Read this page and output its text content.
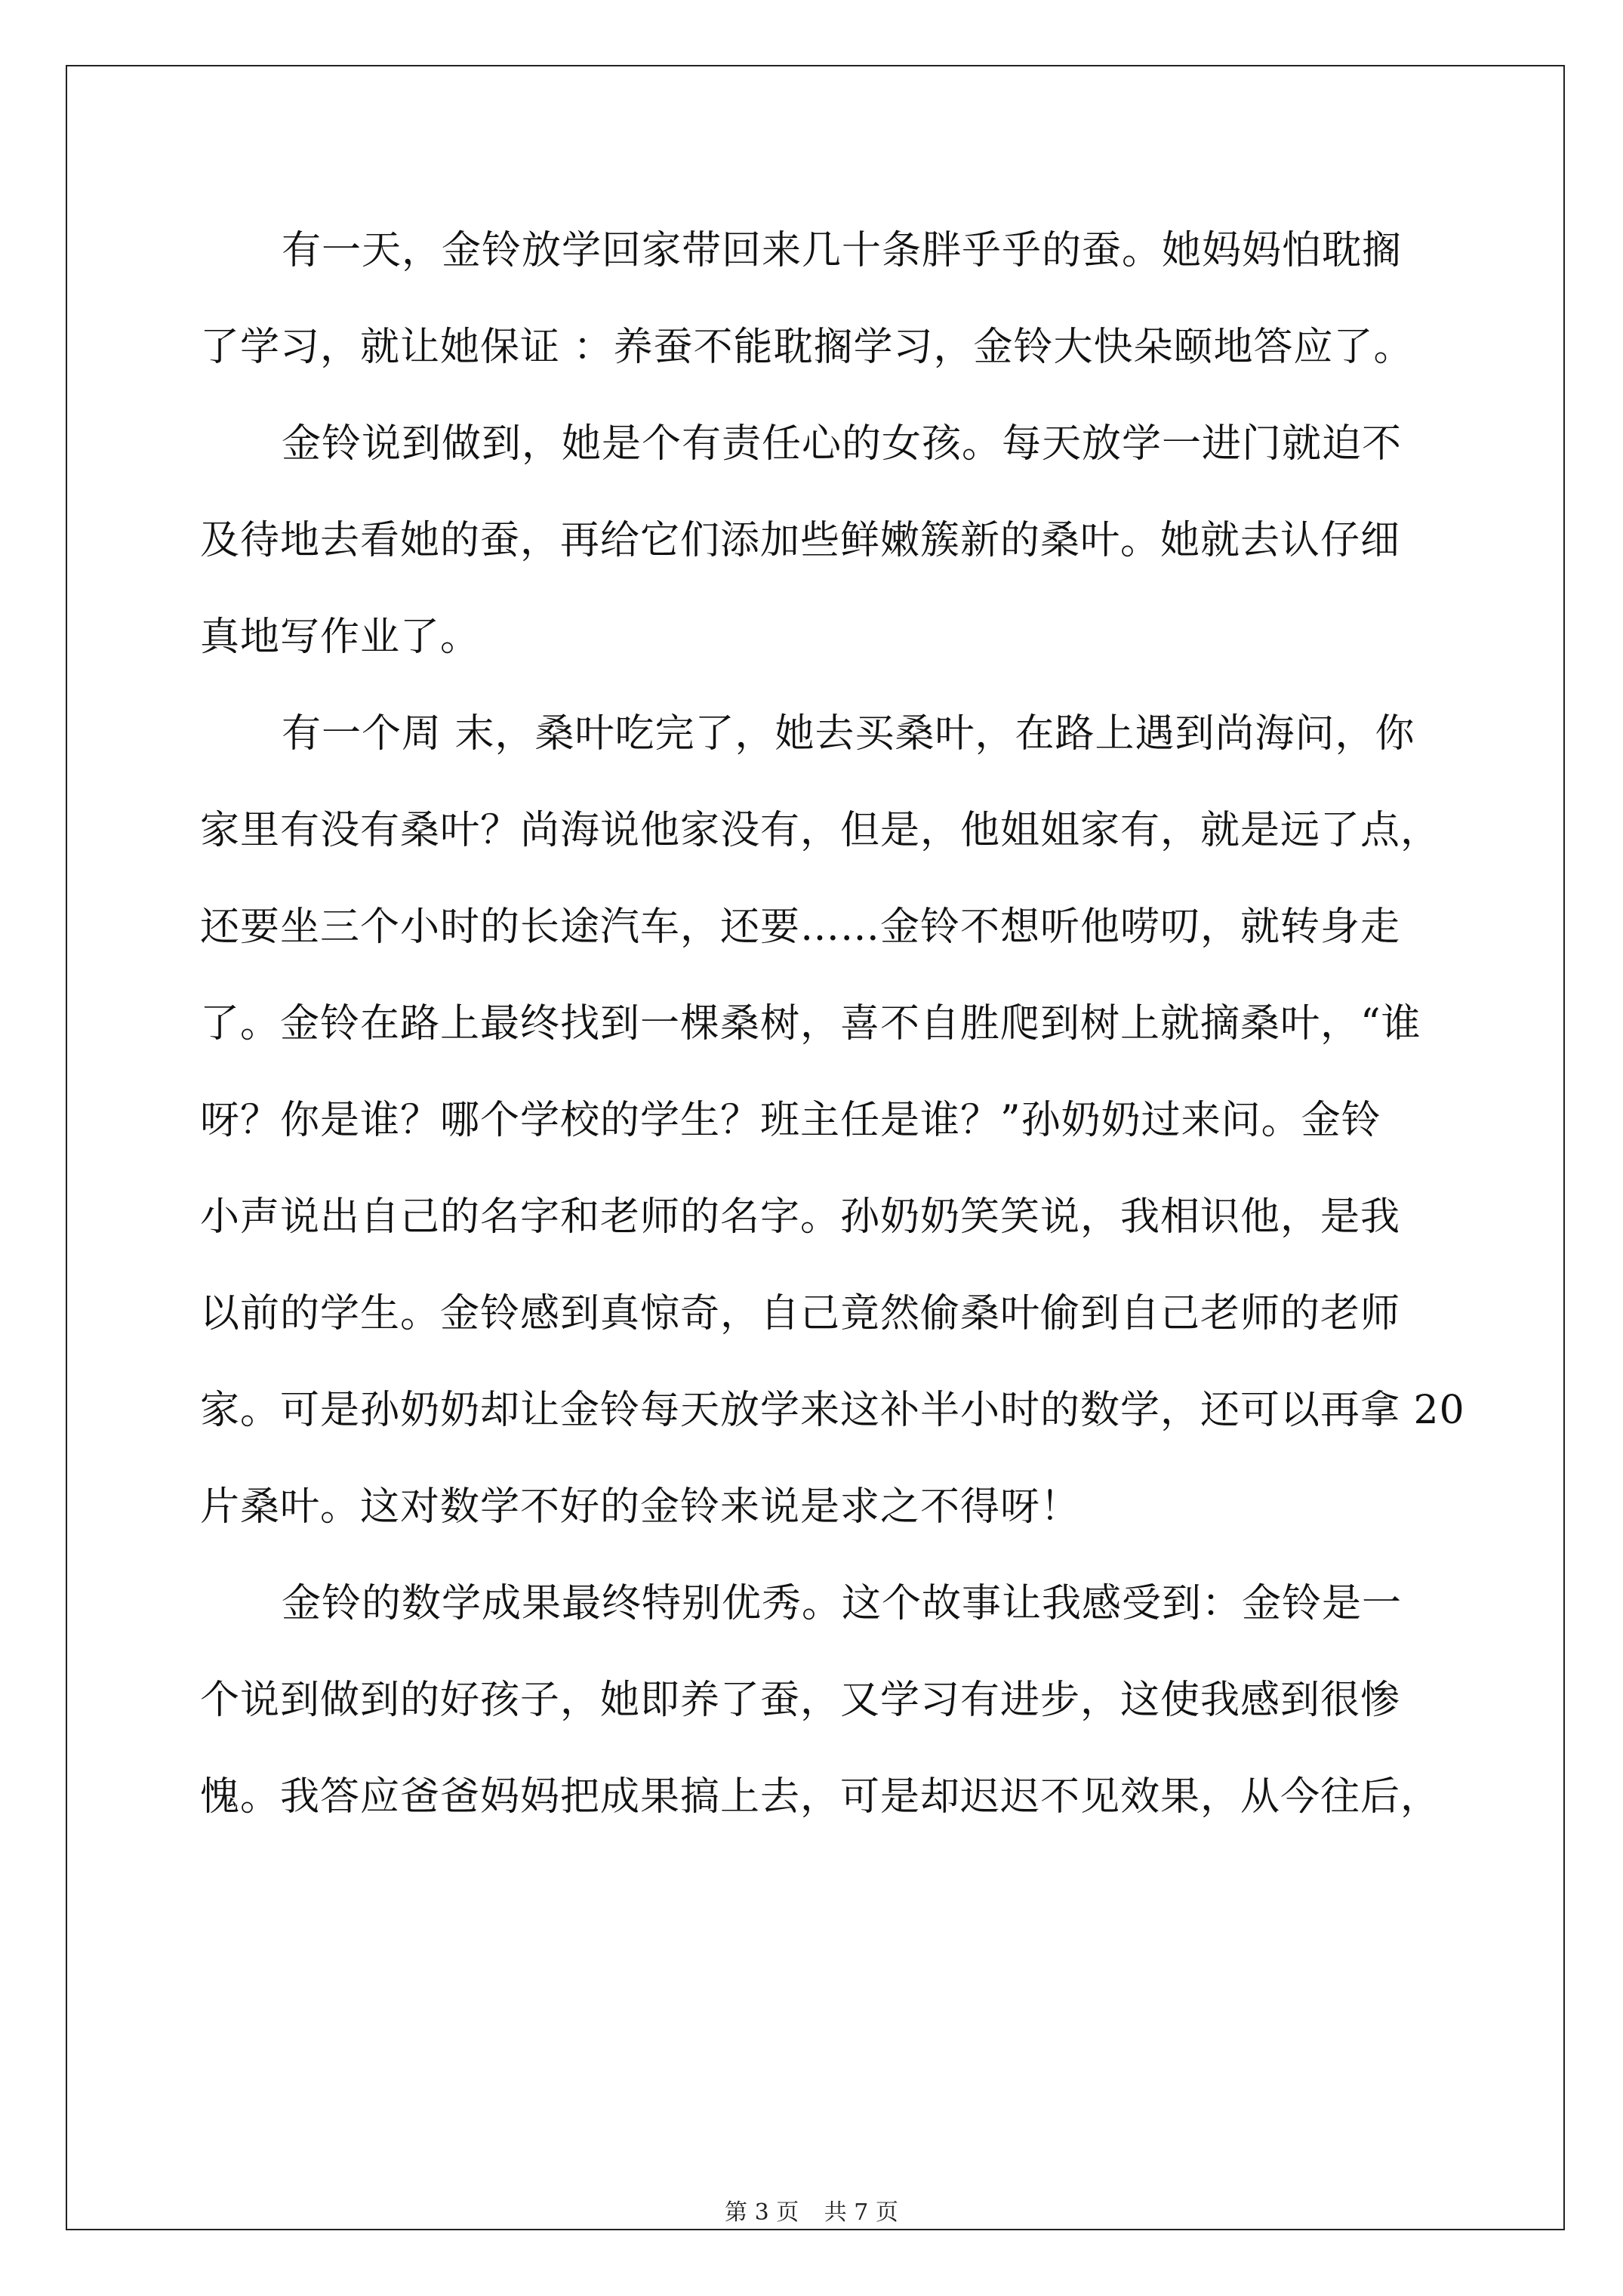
有一天，金铃放学回家带回来几十条胖乎乎的蚕。她妈妈怕耽搁
了学习，就让她保证 ：养蚕不能耽搁学习，金铃大快朵颐地答应了。
金铃说到做到，她是个有责任心的女孩。每天放学一进门就迫不
及待地去看她的蚕，再给它们添加些鲜嫩簇新的桑叶。她就去认仔细
真地写作业了。
有一个周 末，桑叶吃完了，她去买桑叶，在路上遇到尚海问，你
家里有没有桑叶？尚海说他家没有，但是，他姐姐家有，就是远了点，
还要坐三个小时的长途汽车，还要……金铃不想听他唠叨，就转身走
了。金铃在路上最终找到一棵桑树，喜不自胜爬到树上就摘桑叶，“谁
呀？你是谁？哪个学校的学生？班主任是谁？”孙奶奶过来问。金铃
小声说出自己的名字和老师的名字。孙奶奶笑笑说，我相识他，是我
以前的学生。金铃感到真惊奇，自己竟然偷桑叶偷到自己老师的老师
家。可是孙奶奶却让金铃每天放学来这补半小时的数学，还可以再拿 20
片桑叶。这对数学不好的金铃来说是求之不得呀！
金铃的数学成果最终特别优秀。这个故事让我感受到：金铃是一
个说到做到的好孩子，她即养了蚕，又学习有进步，这使我感到很惨
愧。我答应爸爸妈妈把成果搞上去，可是却迟迟不见效果，从今往后，
第 3 页 共 7 页
